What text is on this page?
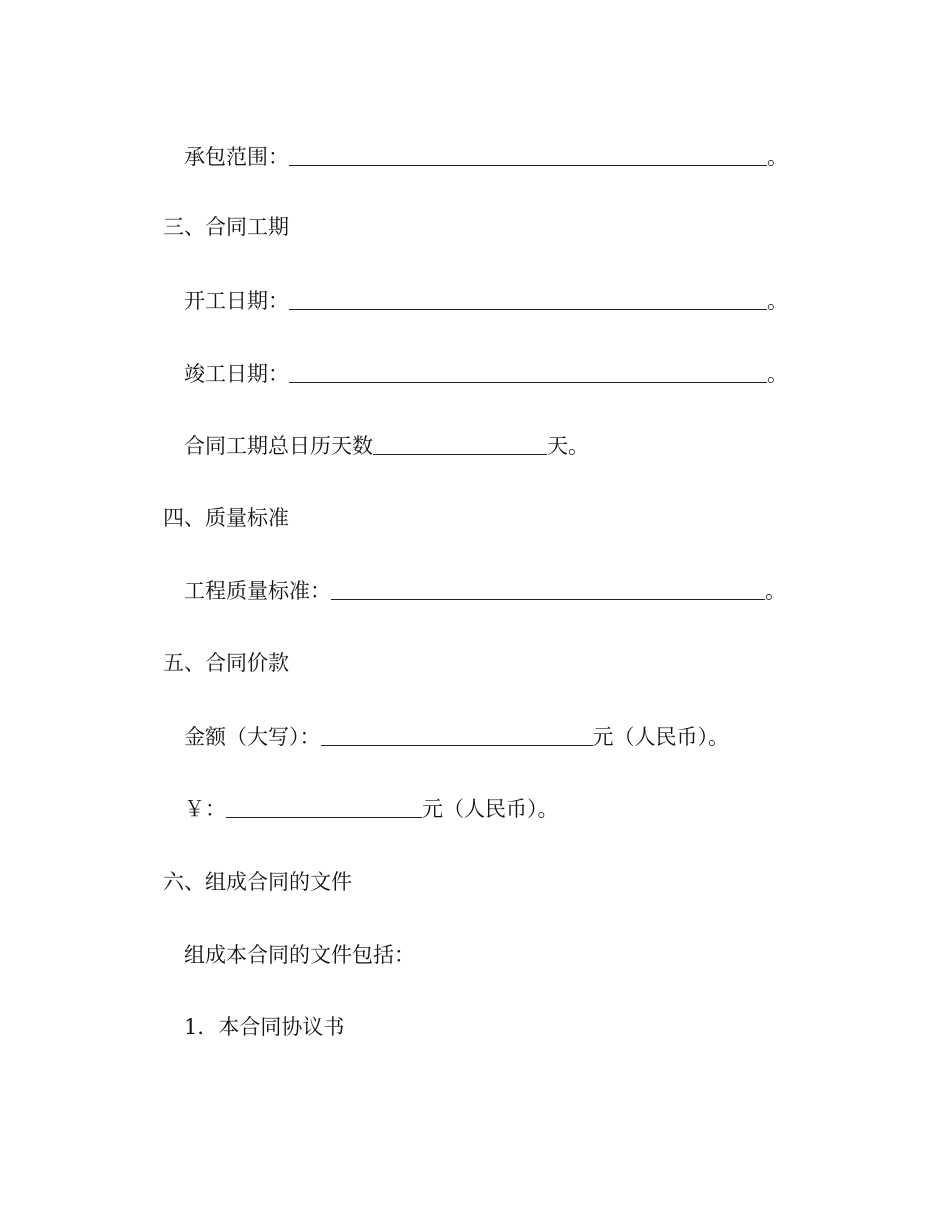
承包范围：	。
三、合同工期
开工日期：	。
竣工日期：	。
合同工期总日历天数	天。
四、质量标准
工程质量标准：	。
五、合同价款
金额（大写）：	元（人民币）。
￥：	元（人民币）。
六、组成合同的文件
组成本合同的文件包括：
1．本合同协议书
